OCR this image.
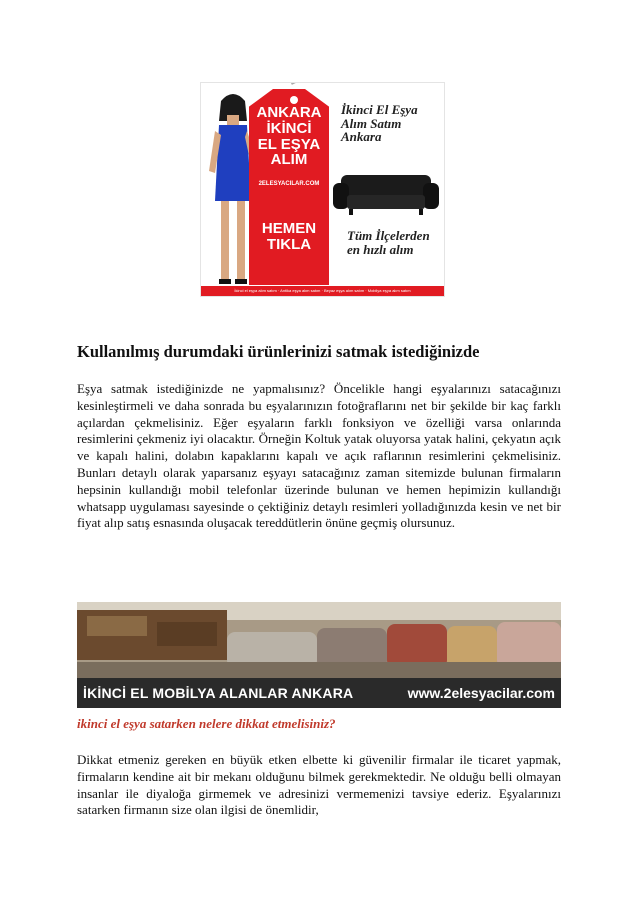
ANKARA
İKİNCİ
EL EŞYA
ALIM
2ELESYACILAR.COM
HEMEN
TIKLA
İkinci El Eşya
Alım Satım
Ankara
Tüm İlçelerden
en hızlı alım
İkinci el eşya alım satım · Antika eşya alım satım · Beyaz eşya alım satım · Mobilya eşya alım satım
Kullanılmış durumdaki ürünlerinizi satmak istediğinizde

Eşya satmak istediğinizde ne yapmalısınız? Öncelikle hangi eşyalarınızı satacağınızı kesinleştirmeli ve daha sonrada bu eşyalarınızın fotoğraflarını net bir şekilde bir kaç farklı açılardan çekmelisiniz. Eğer eşyaların farklı fonksiyon ve özelliği varsa onlarında resimlerini çekmeniz iyi olacaktır. Örneğin Koltuk yatak oluyorsa yatak halini, çekyatın açık ve kapalı halini, dolabın kapaklarını kapalı ve açık raflarının resimlerini çekmelisiniz. Bunları detaylı olarak yaparsanız eşyayı satacağınız zaman sitemizde bulunan firmaların hepsinin kullandığı mobil telefonlar üzerinde bulunan ve hemen hepimizin kullandığı whatsapp uygulaması sayesinde o çektiğiniz detaylı resimleri yolladığınızda kesin ve net bir fiyat alıp satış esnasında oluşacak tereddütlerin önüne geçmiş olursunuz.

İKİNCİ EL MOBİLYA ALANLAR ANKARA	www.2elesyacilar.com
ikinci el eşya satarken nelere dikkat etmelisiniz?

Dikkat etmeniz gereken en büyük etken elbette ki güvenilir firmalar ile ticaret yapmak, firmaların kendine ait bir mekanı olduğunu bilmek gerekmektedir. Ne olduğu belli olmayan insanlar ile diyaloğa girmemek ve adresinizi vermemenizi tavsiye ederiz. Eşyalarınızı satarken firmanın size olan ilgisi de önemlidir,
